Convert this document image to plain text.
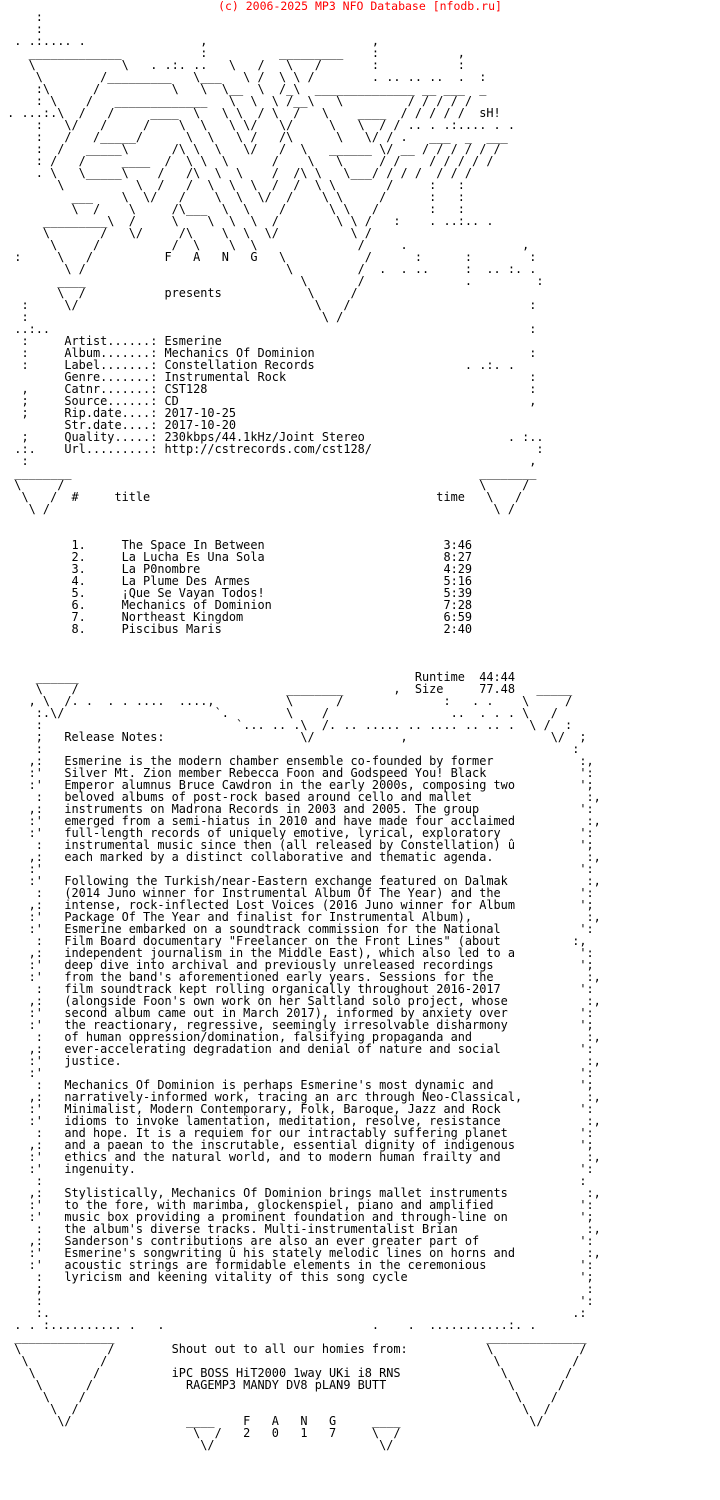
(c) 2006-2025 MP3 NFO Database [nfodb.ru]
:
:
. .:.... .                ,                       ,
_____________           :          _________    :           ,
\            \   . .:. ..   \   /   \   /       :           :
\        /_________   \___   \ /  \ \ /        . .. .. ..  .  :
:\      /          \   \  \__  \  /_\  ______________ __ ___  _
: \    /   _____________   \  \  \ /__\   \         / / / / /
. ...:.\  /   /     ____  \   \ \  / \  /   \    ____  / / / / /  sH!
:   \/   /     /    \  \   \ \/   \/     \   \  / / .. . .:.... . .
:   /   /_____/      \  \   \ /   /\      \   \/ / .   ___  _  ___
:  /   _____\      /\ \  \   \/   /  \   ______ \/ __ / / / / / /
: /   /     ____  /  \ \  \      /    \   \     / /    / / / / /
. \   \_____\    /   /\  \  \    /  /\ \   \___/ / / /  / / /
\          \  /   /  \  \  \  /  /  \ \       /     :   :
___    \  \/   /    \  \  \/  /    \ \     /      :   :
\  /    \     /\___  \  \    /      \ \   /       :   :
_________\  /     \    \  \  \  /        \ \ /   :    . ..:.. .
\       /   \/     /\    \  \  \/          \ /
\     /          /  \    \  \              /     .                ,
:     \   /          F   A   N   G   \           /      :      :        :
\ /                            \         /  .  . ..     :  .. :. .
____                              \       /              .         :
\  /           presents            \     /
:     \/                                 \   /                         :
:                                         \ /
..:..                                                                   :
:     Artist......: Esmerine
:     Album.......: Mechanics Of Dominion                              :
:     Label.......: Constellation Records                     . .:. .
Genre.......: Instrumental Rock                                  :
,     Catnr.......: CST128                                             :
;     Source......: CD                                                 ,
;     Rip.date....: 2017-10-25
Str.date....: 2017-10-20
;     Quality.....: 230kbps/44.1kHz/Joint Stereo                    . :..
.:.    Url.........: http://cstrecords.com/cst128/                       :
:                                                                      ,
________                                                         ________
\     /                                                          \     /
\   /  #     title                                        time   \   /
\ /                                                              \ /

1.     The Space In Between                         3:46
2.     La Lucha Es Una Sola                         8:27
3.     La P0nombre                                  4:29
4.     La Plume Des Armes                           5:16
5.     ¡Que Se Vayan Todos!                         5:39
6.     Mechanics of Dominion                        7:28
7.     Northeast Kingdom                            6:59
8.     Piscibus Maris                               2:40

______                                               Runtime  44:44
\    /                             ________       ,  Size     77.48   _____
, \  /. .  . . ....  ....,          \      /              :   . .    \     /
:.\/                     `.        \    /                 ..  . . . \   /
:                           `... .. .\  /. .. ..... .. .... .. .. .  \ /  :
;   Release Notes:                   \/            ,                    \/  ;
:                                                                          :
,:   Esmerine is the modern chamber ensemble co-founded by former            :,
:'   Silver Mt. Zion member Rebecca Foon and Godspeed You! Black             ':
:'   Emperor alumnus Bruce Cawdron in the early 2000s, composing two         ';
:   beloved albums of post-rock based around cello and mallet                :,
,:   instruments on Madrona Records in 2003 and 2005. The group              ':
:'   emerged from a semi-hiatus in 2010 and have made four acclaimed          :,
:'   full-length records of uniquely emotive, lyrical, exploratory           ':
:   instrumental music since then (all released by Constellation) û         ';
,:   each marked by a distinct collaborative and thematic agenda.             :,
:'                                                                           ':
:'   Following the Turkish/near-Eastern exchange featured on Dalmak           :,
:   (2014 Juno winner for Instrumental Album Of The Year) and the           ':
,:   intense, rock-inflected Lost Voices (2016 Juno winner for Album         ';
:'   Package Of The Year and finalist for Instrumental Album),                :,
:'   Esmerine embarked on a soundtrack commission for the National           ':
:   Film Board documentary "Freelancer on the Front Lines" (about          :,
,:   independent journalism in the Middle East), which also led to a         ':
:'   deep dive into archival and previously unreleased recordings            ';
:'   from the band's aforementioned early years. Sessions for the             :,
:   film soundtrack kept rolling organically throughout 2016-2017           ':
,:   (alongside Foon's own work on her Saltland solo project, whose           :,
:'   second album came out in March 2017), informed by anxiety over          ':
:'   the reactionary, regressive, seemingly irresolvable disharmony          ';
:   of human oppression/domination, falsifying propaganda and                :,
,:   ever-accelerating degradation and denial of nature and social           ':
:'   justice.                                                                 :,
:'                                                                           ':
:   Mechanics Of Dominion is perhaps Esmerine's most dynamic and            ';
,:   narratively-informed work, tracing an arc through Neo-Classical,         :,
:'   Minimalist, Modern Contemporary, Folk, Baroque, Jazz and Rock           ':
:'   idioms to invoke lamentation, meditation, resolve, resistance            :,
:   and hope. It is a requiem for our intractably suffering planet          ':
,:   and a paean to the inscrutable, essential dignity of indigenous         ';
:'   ethics and the natural world, and to modern human frailty and            :,
:'   ingenuity.                                                              ':
:                                                                           :
,:   Stylistically, Mechanics Of Dominion brings mallet instruments           :,
:'   to the fore, with marimba, glockenspiel, piano and amplified            ':
:'   music box providing a prominent foundation and through-line on          ';
:   the album's diverse tracks. Multi-instrumentalist Brian                  :,
,:   Sanderson's contributions are also an ever greater part of              ':
:'   Esmerine's songwriting û his stately melodic lines on horns and          :,
:'   acoustic strings are formidable elements in the ceremonious             ':
:   lyricism and keening vitality of this song cycle                        ';
;                                                                            :
:                                                                           ':
:.                                                                         .:
. . :.......... .   .                             .    .  ...........:. .
______________                                                    ______________
\            /        Shout out to all our homies from:           \            /
\          /                                                      \          /
\        /          iPC BOSS HiT2000 1way UKi i8 RNS              \        /
\      /             RAGEMP3 MANDY DV8 pLAN9 BUTT                 \      /
\    /                                                            \    /
\  /                                                              \  /
\/                ____    F   A   N   G     ____                  \/
\  /   2   0   1   7     \  /
\/                       \/
